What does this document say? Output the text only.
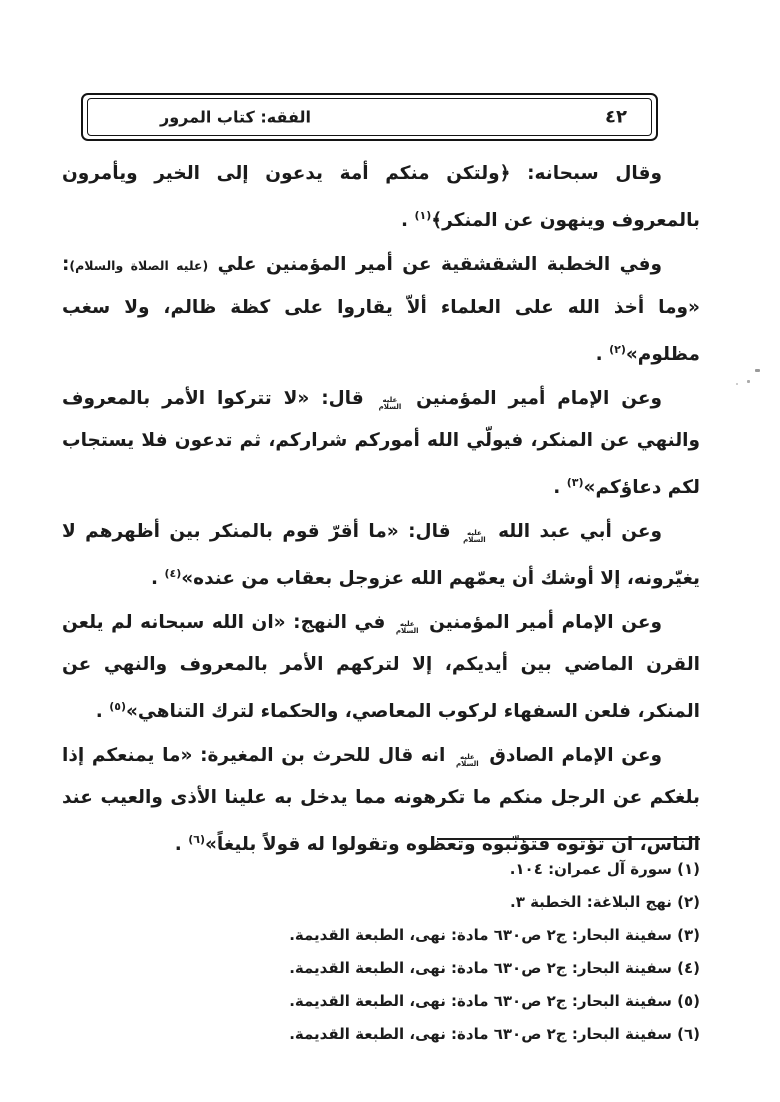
الفقه: كتاب المرور	٤٢

وقال سبحانه: ﴿ولتكن منكم أمة يدعون إلى الخير ويأمرون بالمعروف وينهون عن المنكر﴾$^{(١)}$ .

وفي الخطبة الشقشقية عن أمير المؤمنين علي (عليه الصلاة والسلام): «وما أخذ الله على العلماء ألاّ يقاروا على كظة ظالم، ولا سغب مظلوم»$^{(٢)}$ .

وعن الإمام أمير المؤمنين
عليه
السلام
قال: «لا تتركوا الأمر بالمعروف والنهي عن المنكر، فيولّي الله أموركم شراركم، ثم تدعون فلا يستجاب لكم دعاؤكم»$^{(٣)}$ .

وعن أبي عبد الله
عليه
السلام
قال: «ما أقرّ قوم بالمنكر بين أظهرهم لا يغيّرونه، إلا أوشك أن يعمّهم الله عزوجل بعقاب من عنده»$^{(٤)}$ .

وعن الإمام أمير المؤمنين
عليه
السلام
في النهج: «ان الله سبحانه لم يلعن القرن الماضي بين أيديكم، إلا لتركهم الأمر بالمعروف والنهي عن المنكر، فلعن السفهاء لركوب المعاصي، والحكماء لترك التناهي»$^{(٥)}$ .

وعن الإمام الصادق
عليه
السلام
انه قال للحرث بن المغيرة: «ما يمنعكم إذا بلغكم عن الرجل منكم ما تكرهونه مما يدخل به علينا الأذى والعيب عند الناس، ان تؤتوه فتؤنّبوه وتعظوه وتقولوا له قولاً بليغاً»$^{(٦)}$ .

(١) سورة آل عمران: ١٠٤.
(٢) نهج البلاغة: الخطبة ٣.
(٣) سفينة البحار: ج٢ ص٦٣٠ مادة: نهى، الطبعة القديمة.
(٤) سفينة البحار: ج٢ ص٦٣٠ مادة: نهى، الطبعة القديمة.
(٥) سفينة البحار: ج٢ ص٦٣٠ مادة: نهى، الطبعة القديمة.
(٦) سفينة البحار: ج٢ ص٦٣٠ مادة: نهى، الطبعة القديمة.
